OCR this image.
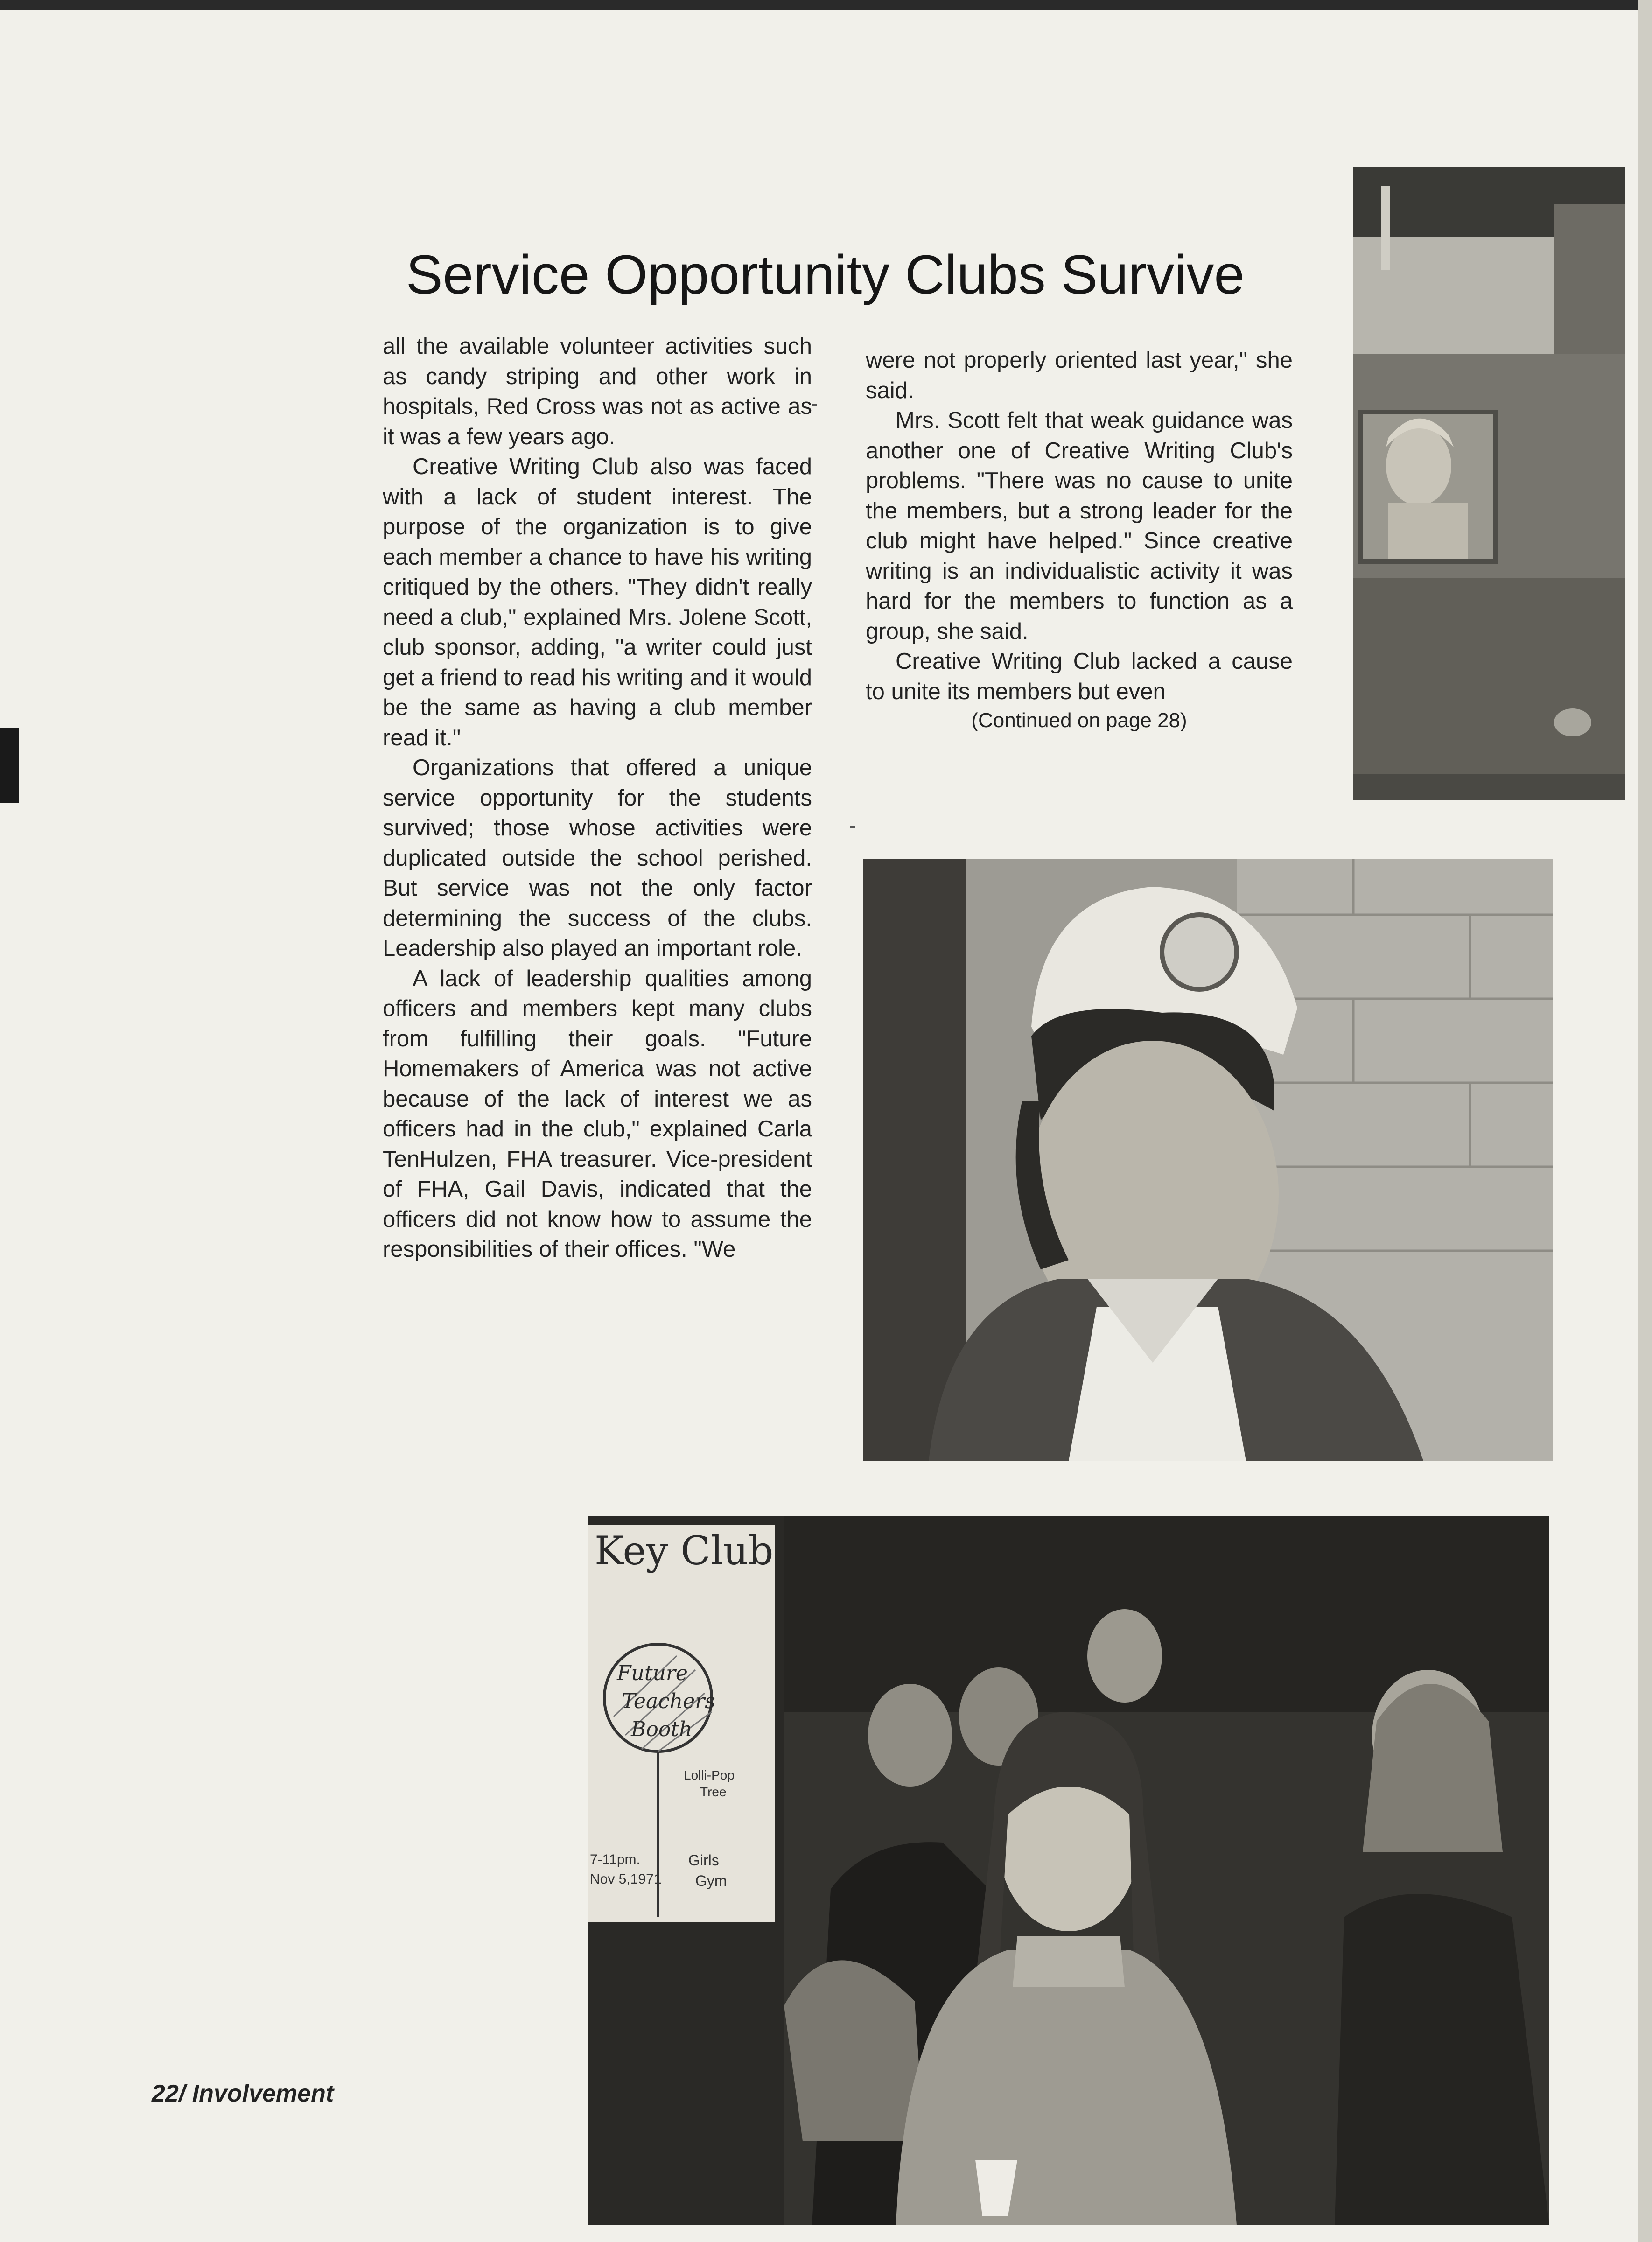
Service Opportunity Clubs Survive

all the available volunteer activities such as candy striping and other work in hospitals, Red Cross was not as active as it was a few years ago.

Creative Writing Club also was faced with a lack of student interest. The purpose of the organization is to give each member a chance to have his writing critiqued by the others. "They didn't really need a club," explained Mrs. Jolene Scott, club sponsor, adding, "a writer could just get a friend to read his writing and it would be the same as having a club member read it."

Organizations that offered a unique service opportunity for the students survived; those whose activities were duplicated outside the school perished. But service was not the only factor determining the success of the clubs. Leadership also played an important role.

A lack of leadership qualities among officers and members kept many clubs from fulfilling their goals. "Future Homemakers of America was not active because of the lack of interest we as officers had in the club," explained Carla TenHulzen, FHA treasurer. Vice-president of FHA, Gail Davis, indicated that the officers did not know how to assume the responsibilities of their offices. "We

were not properly oriented last year," she said.

Mrs. Scott felt that weak guidance was another one of Creative Writing Club's problems. "There was no cause to unite the members, but a strong leader for the club might have helped." Since creative writing is an individualistic activity it was hard for the members to function as a group, she said.

Creative Writing Club lacked a cause to unite its members but even

(Continued on page 28)

Key Club
Future
Teachers
Booth
Lolli-Pop
Tree
7-11pm.
Nov 5,1971
Girls
Gym
22/ Involvement
